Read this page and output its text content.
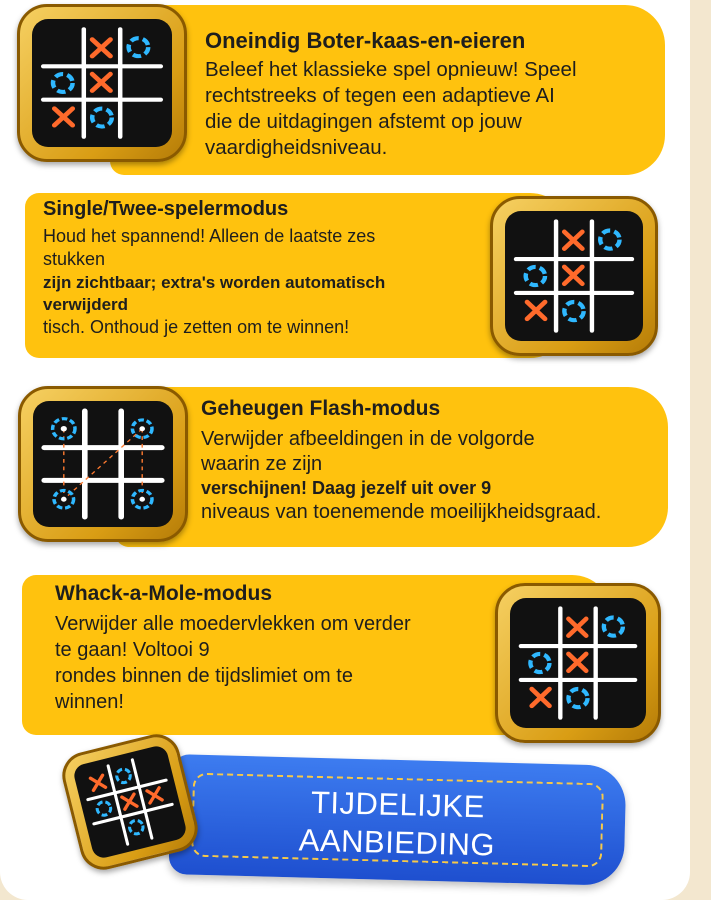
Oneindig Boter-kaas-en-eieren
Beleef het klassieke spel opnieuw! Speel
rechtstreeks of tegen een adaptieve AI
die de uitdagingen afstemt op jouw
vaardigheidsniveau.
Single/Twee-spelermodus
Houd het spannend! Alleen de laatste zes
stukken
zijn zichtbaar; extra's worden automatisch
verwijderd
tisch. Onthoud je zetten om te winnen!
Geheugen Flash-modus
Verwijder afbeeldingen in de volgorde
waarin ze zijn
verschijnen! Daag jezelf uit over 9
niveaus van toenemende moeilijkheidsgraad.
Whack-a-Mole-modus
Verwijder alle moedervlekken om verder
te gaan! Voltooi 9
rondes binnen de tijdslimiet om te
winnen!
TIJDELIJKE
AANBIEDING
